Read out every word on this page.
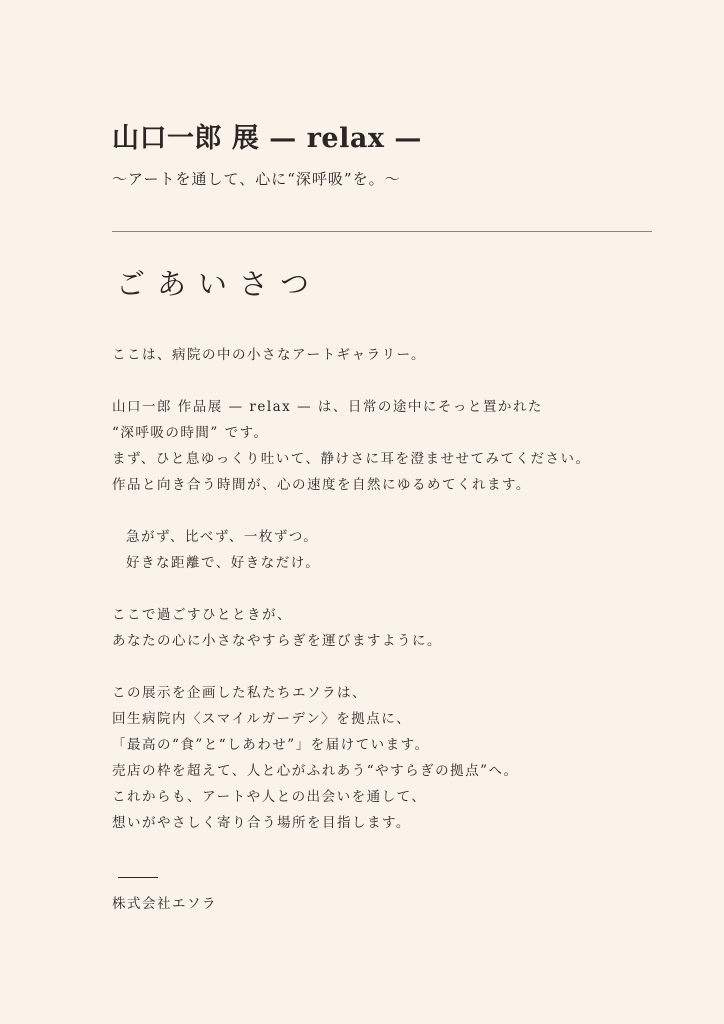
山口一郎 展 — relax —

〜アートを通して、心に“深呼吸”を。〜

ごあいさつ

ここは、病院の中の小さなアートギャラリー。

山口一郎 作品展 — relax — は、日常の途中にそっと置かれた
“深呼吸の時間” です。
まず、ひと息ゆっくり吐いて、静けさに耳を澄ませせてみてください。
作品と向き合う時間が、心の速度を自然にゆるめてくれます。

急がず、比べず、一枚ずつ。
好きな距離で、好きなだけ。

ここで過ごすひとときが、
あなたの心に小さなやすらぎを運びますように。

この展示を企画した私たちエソラは、
回生病院内〈スマイルガーデン〉を拠点に、
「最高の“食”と“しあわせ”」を届けています。
売店の枠を超えて、人と心がふれあう“やすらぎの拠点”へ。
これからも、アートや人との出会いを通して、
想いがやさしく寄り合う場所を目指します。

株式会社エソラ
